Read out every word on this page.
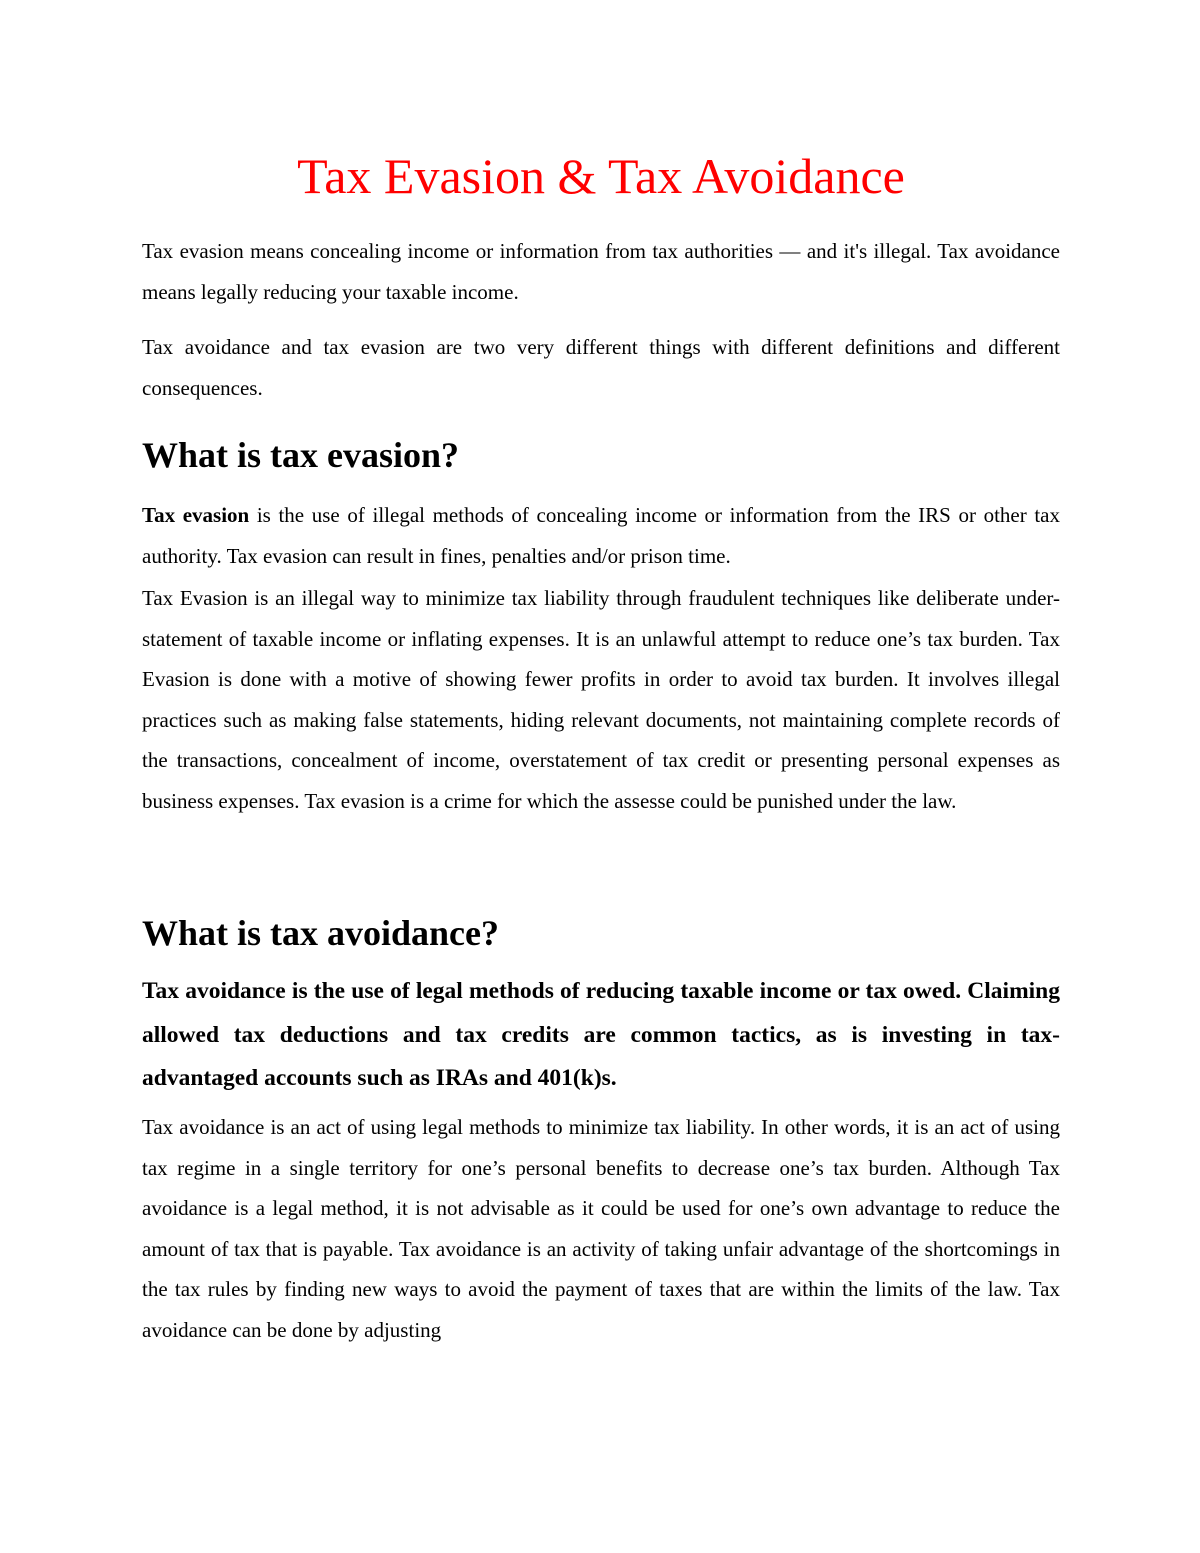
Tax Evasion & Tax Avoidance

Tax evasion means concealing income or information from tax authorities — and it's illegal. Tax avoidance means legally reducing your taxable income.

Tax avoidance and tax evasion are two very different things with different definitions and different consequences.

What is tax evasion?

Tax evasion is the use of illegal methods of concealing income or information from the IRS or other tax authority. Tax evasion can result in fines, penalties and/or prison time.

Tax Evasion is an illegal way to minimize tax liability through fraudulent techniques like deliberate under-statement of taxable income or inflating expenses. It is an unlawful attempt to reduce one’s tax burden. Tax Evasion is done with a motive of showing fewer profits in order to avoid tax burden. It involves illegal practices such as making false statements, hiding relevant documents, not maintaining complete records of the transactions, concealment of income, overstatement of tax credit or presenting personal expenses as business expenses. Tax evasion is a crime for which the assesse could be punished under the law.

What is tax avoidance?

Tax avoidance is the use of legal methods of reducing taxable income or tax owed. Claiming allowed tax deductions and tax credits are common tactics, as is investing in tax-advantaged accounts such as IRAs and 401(k)s.

Tax avoidance is an act of using legal methods to minimize tax liability. In other words, it is an act of using tax regime in a single territory for one’s personal benefits to decrease one’s tax burden. Although Tax avoidance is a legal method, it is not advisable as it could be used for one’s own advantage to reduce the amount of tax that is payable. Tax avoidance is an activity of taking unfair advantage of the shortcomings in the tax rules by finding new ways to avoid the payment of taxes that are within the limits of the law. Tax avoidance can be done by adjusting
